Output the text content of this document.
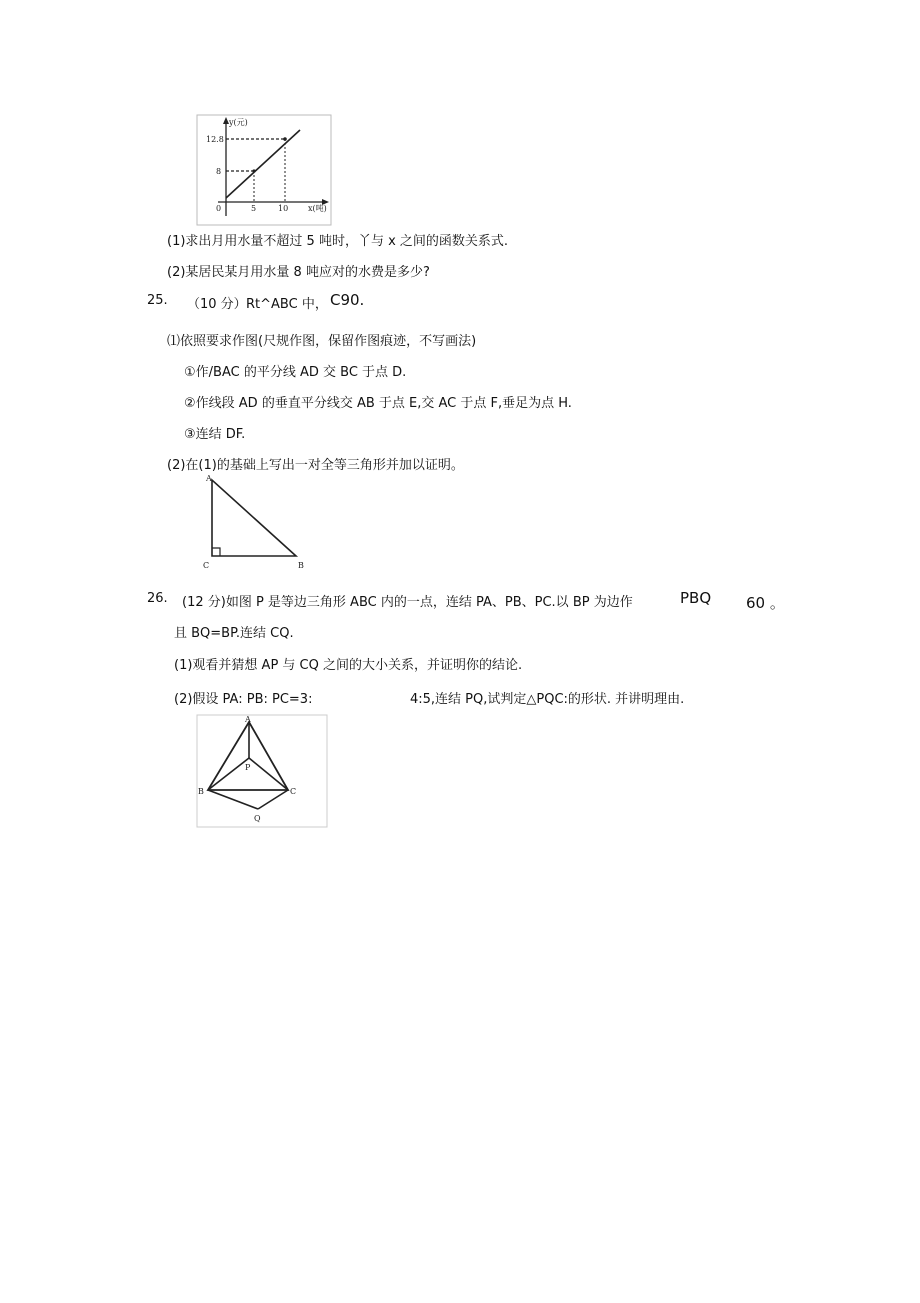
y(元)
x(吨)
12.8
8
0	5	10
(1)求出月用水量不超过 5 吨时，丫与 x 之间的函数关系式.
(2)某居民某月用水量 8 吨应对的水费是多少?
25. （10 分） Rt^ABC 中， C90.
⑴依照要求作图(尺规作图，保留作图痕迹，不写画法)
①作/BAC 的平分线 AD 交 BC 于点 D.
②作线段 AD 的垂直平分线交 AB 于点 E,交 AC 于点 F,垂足为点 H.
③连结 DF.
(2)在(1)的基础上写出一对全等三角形并加以证明。
A
C	B
26. (12 分)如图 P 是等边三角形 ABC 内的一点，连结 PA、PB、PC.以 BP 为边作	PBQ 60 。
且 BQ=BP.连结 CQ.
(1)观看并猜想 AP 与 CQ 之间的大小关系，并证明你的结论.
(2)假设 PA: PB: PC=3:	4:5,连结 PQ,试判定△PQC:的形状. 并讲明理由.
A
P
B	C
Q
